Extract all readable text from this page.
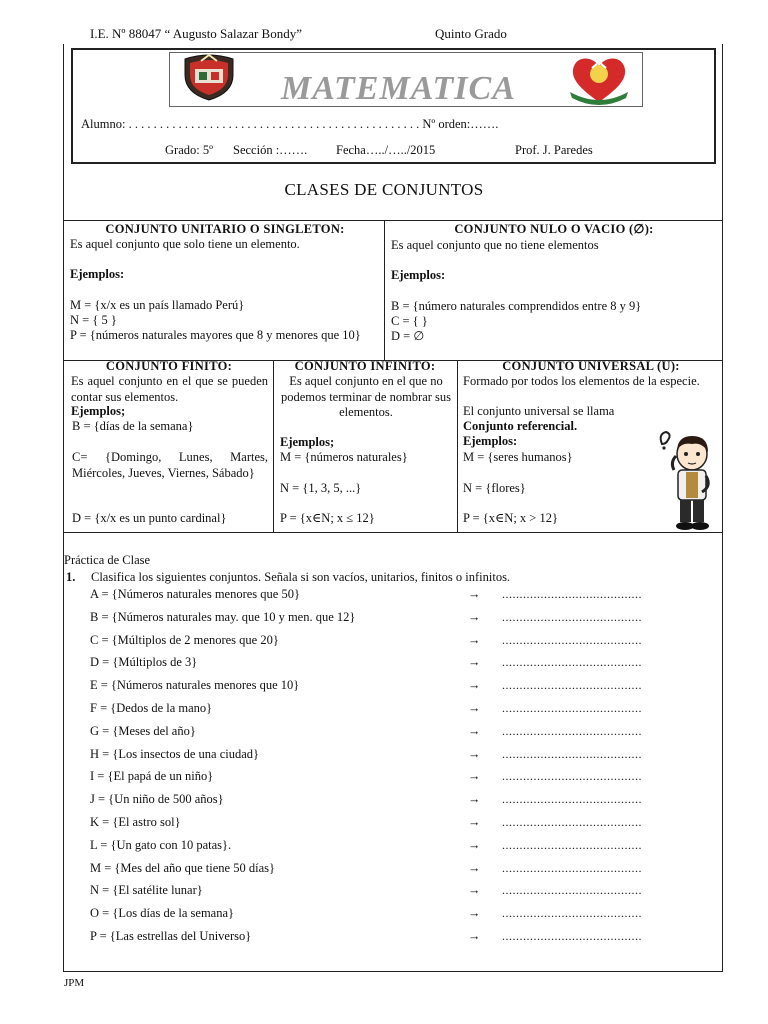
I.E. Nº 88047 “ Augusto Salazar Bondy”	Quinto Grado
MATEMATICA
Alumno: . . . . . . . . . . . . . . . . . . . . . . . . . . . . . . . . . . . . . . . . . . . . . . . Nº orden:…….
Grado: 5º Sección :……. Fecha…../…../2015	Prof. J. Paredes
CLASES DE CONJUNTOS
CONJUNTO UNITARIO O SINGLETON:
Es aquel conjunto que solo tiene un elemento.
Ejemplos:
M = {x/x es un país llamado Perú}
N = { 5 }
P = {números naturales mayores que 8 y menores que 10}
CONJUNTO NULO O VACIO (∅):
Es aquel conjunto que no tiene elementos
Ejemplos:
B = {número naturales comprendidos entre 8 y 9}
C = { }
D = ∅
CONJUNTO FINITO:
Es aquel conjunto en el que se pueden contar sus elementos.
Ejemplos;
B = {días de la semana}
C= {Domingo, Lunes, Martes, Miércoles, Jueves, Viernes, Sábado}
D = {x/x es un punto cardinal}
CONJUNTO INFINITO:
Es aquel conjunto en el que no podemos terminar de nombrar sus elementos.
Ejemplos;
M = {números naturales}
N = {1, 3, 5, ...}
P = {x∈N; x ≤ 12}
CONJUNTO UNIVERSAL (U):
Formado por todos los elementos de la especie.
El conjunto universal se llama
Conjunto referencial.
Ejemplos:
M = {seres humanos}
N = {flores}
P = {x∈N; x > 12}
Práctica de Clase
1. Clasifica los siguientes conjuntos. Señala si son vacíos, unitarios, finitos o infinitos.
A = {Números naturales menores que 50}	→ ........................................
B = {Números naturales may. que 10 y men. que 12}	→ ........................................
C = {Múltiplos de 2 menores que 20}	→ ........................................
D = {Múltiplos de 3}	→ ........................................
E = {Números naturales menores que 10}	→ ........................................
F = {Dedos de la mano}	→ ........................................
G = {Meses del año}	→ ........................................
H = {Los insectos de una ciudad}	→ ........................................
I = {El papá de un niño}	→ ........................................
J = {Un niño de 500 años}	→ ........................................
K = {El astro sol}	→ ........................................
L = {Un gato con 10 patas}.	→ ........................................
M = {Mes del año que tiene 50 días}	→ ........................................
N = {El satélite lunar}	→ ........................................
O = {Los días de la semana}	→ ........................................
P = {Las estrellas del Universo}	→ ........................................
JPM
